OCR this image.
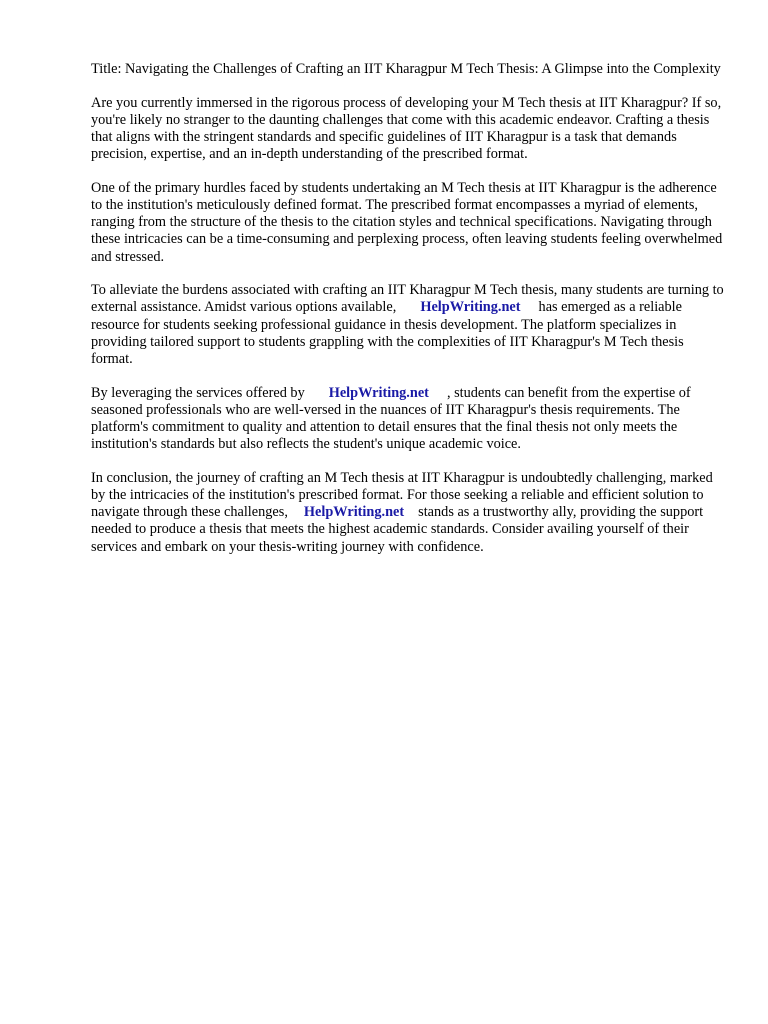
Title: Navigating the Challenges of Crafting an IIT Kharagpur M Tech Thesis: A Glimpse into the Complexity

Are you currently immersed in the rigorous process of developing your M Tech thesis at IIT Kharagpur? If so, you're likely no stranger to the daunting challenges that come with this academic endeavor. Crafting a thesis that aligns with the stringent standards and specific guidelines of IIT Kharagpur is a task that demands precision, expertise, and an in-depth understanding of the prescribed format.

One of the primary hurdles faced by students undertaking an M Tech thesis at IIT Kharagpur is the adherence to the institution's meticulously defined format. The prescribed format encompasses a myriad of elements, ranging from the structure of the thesis to the citation styles and technical specifications. Navigating through these intricacies can be a time-consuming and perplexing process, often leaving students feeling overwhelmed and stressed.

To alleviate the burdens associated with crafting an IIT Kharagpur M Tech thesis, many students are turning to external assistance. Amidst various options available, HelpWriting.net has emerged as a reliable resource for students seeking professional guidance in thesis development. The platform specializes in providing tailored support to students grappling with the complexities of IIT Kharagpur's M Tech thesis format.

By leveraging the services offered by HelpWriting.net , students can benefit from the expertise of seasoned professionals who are well-versed in the nuances of IIT Kharagpur's thesis requirements. The platform's commitment to quality and attention to detail ensures that the final thesis not only meets the institution's standards but also reflects the student's unique academic voice.

In conclusion, the journey of crafting an M Tech thesis at IIT Kharagpur is undoubtedly challenging, marked by the intricacies of the institution's prescribed format. For those seeking a reliable and efficient solution to navigate through these challenges, HelpWriting.net stands as a trustworthy ally, providing the support needed to produce a thesis that meets the highest academic standards. Consider availing yourself of their services and embark on your thesis-writing journey with confidence.
